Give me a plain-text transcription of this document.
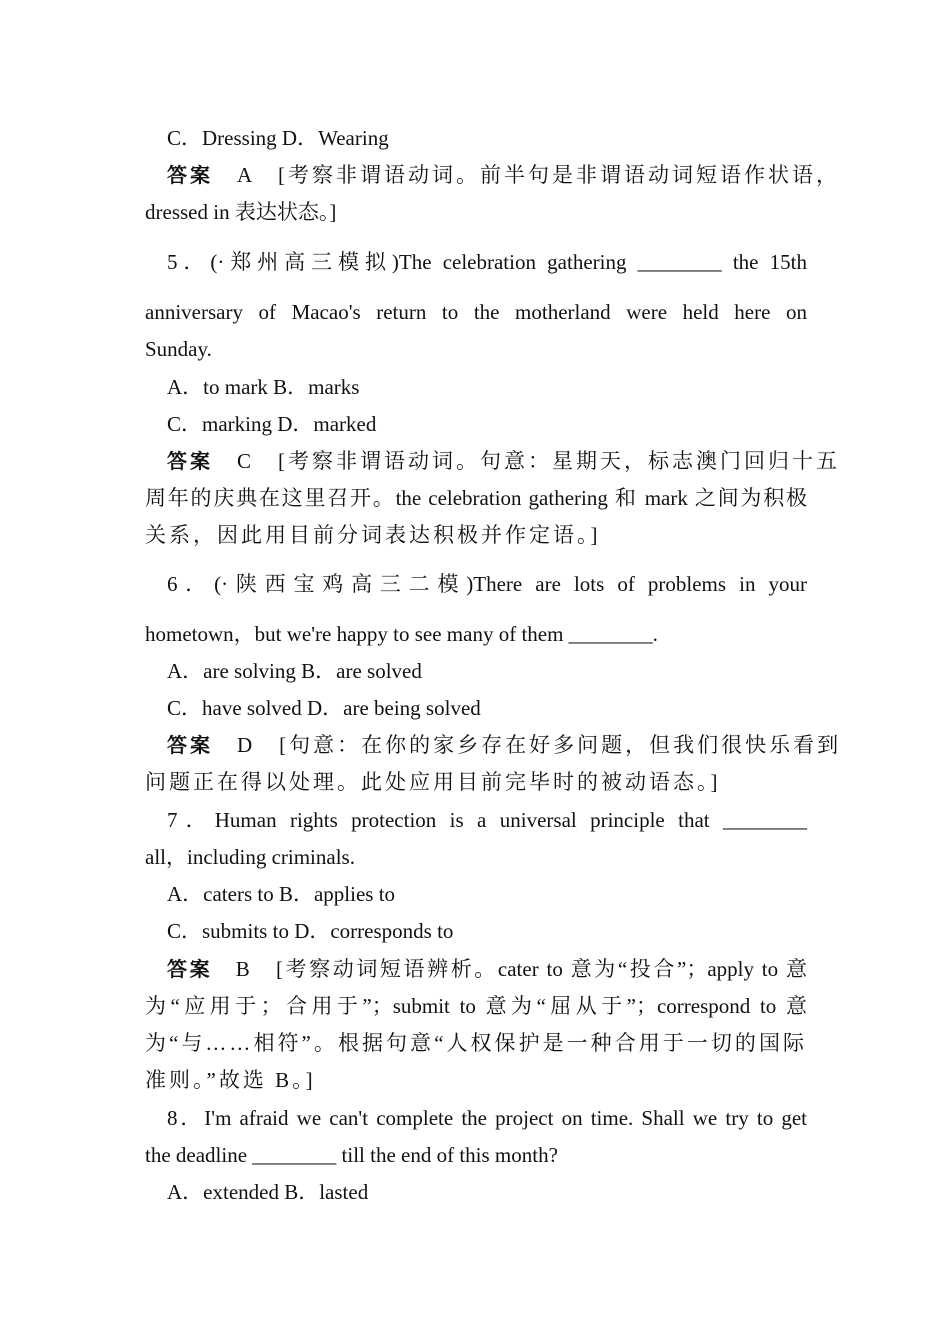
C．Dressing D．Wearing
答案　A　[考察非谓语动词。前半句是非谓语动词短语作状语，
dressed in 表达状态。]
5．(·郑州高三模拟)The celebration gathering ________ the 15th
anniversary of Macao's return to the motherland were held here on
Sunday.
A．to mark B．marks
C．marking D．marked
答案　C　[考察非谓语动词。句意：星期天，标志澳门回归十五
周年的庆典在这里召开。the celebration gathering 和 mark 之间为积极
关系，因此用目前分词表达积极并作定语。]
6．(·陕西宝鸡高三二模)There are lots of problems in your
hometown，but we're happy to see many of them ________.
A．are solving B．are solved
C．have solved D．are being solved
答案　D　[句意：在你的家乡存在好多问题，但我们很快乐看到
问题正在得以处理。此处应用目前完毕时的被动语态。]
7．Human rights protection is a universal principle that ________
all，including criminals.
A．caters to B．applies to
C．submits to D．corresponds to
答案　B　[考察动词短语辨析。cater to 意为“投合”；apply to 意
为“应用于；合用于”；submit to 意为“屈从于”；correspond to 意
为“与……相符”。根据句意“人权保护是一种合用于一切的国际
准则。”故选 B。]
8．I'm afraid we can't complete the project on time. Shall we try to get
the deadline ________ till the end of this month?
A．extended B．lasted
